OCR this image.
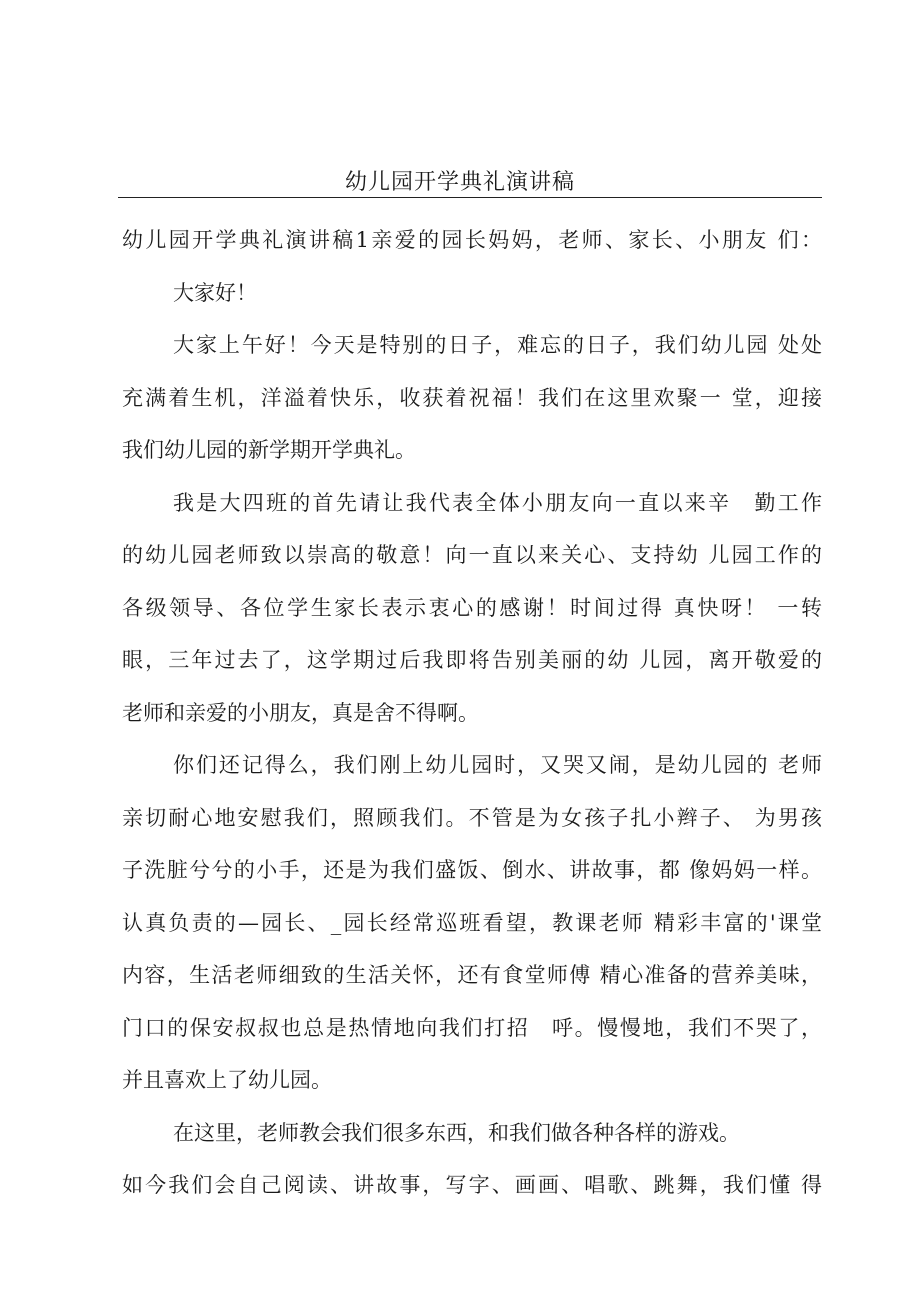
幼儿园开学典礼演讲稿
幼儿园开学典礼演讲稿1亲爱的园长妈妈，老师、家长、小朋友 们：
大家好！
大家上午好！今天是特别的日子，难忘的日子，我们幼儿园 处处
充满着生机，洋溢着快乐，收获着祝福！我们在这里欢聚一 堂，迎接
我们幼儿园的新学期开学典礼。
我是大四班的首先请让我代表全体小朋友向一直以来辛　勤工作
的幼儿园老师致以崇高的敬意！向一直以来关心、支持幼 儿园工作的
各级领导、各位学生家长表示衷心的感谢！时间过得 真快呀！ 一转
眼，三年过去了，这学期过后我即将告别美丽的幼 儿园，离开敬爱的
老师和亲爱的小朋友，真是舍不得啊。
你们还记得么，我们刚上幼儿园时，又哭又闹，是幼儿园的 老师
亲切耐心地安慰我们，照顾我们。不管是为女孩子扎小辫子、 为男孩
子洗脏兮兮的小手，还是为我们盛饭、倒水、讲故事，都 像妈妈一样。
认真负责的—园长、_园长经常巡班看望，教课老师 精彩丰富的'课堂
内容，生活老师细致的生活关怀，还有食堂师傅 精心准备的营养美味，
门口的保安叔叔也总是热情地向我们打招　呼。慢慢地，我们不哭了，
并且喜欢上了幼儿园。
在这里，老师教会我们很多东西，和我们做各种各样的游戏。
如今我们会自己阅读、讲故事，写字、画画、唱歌、跳舞，我们懂 得
